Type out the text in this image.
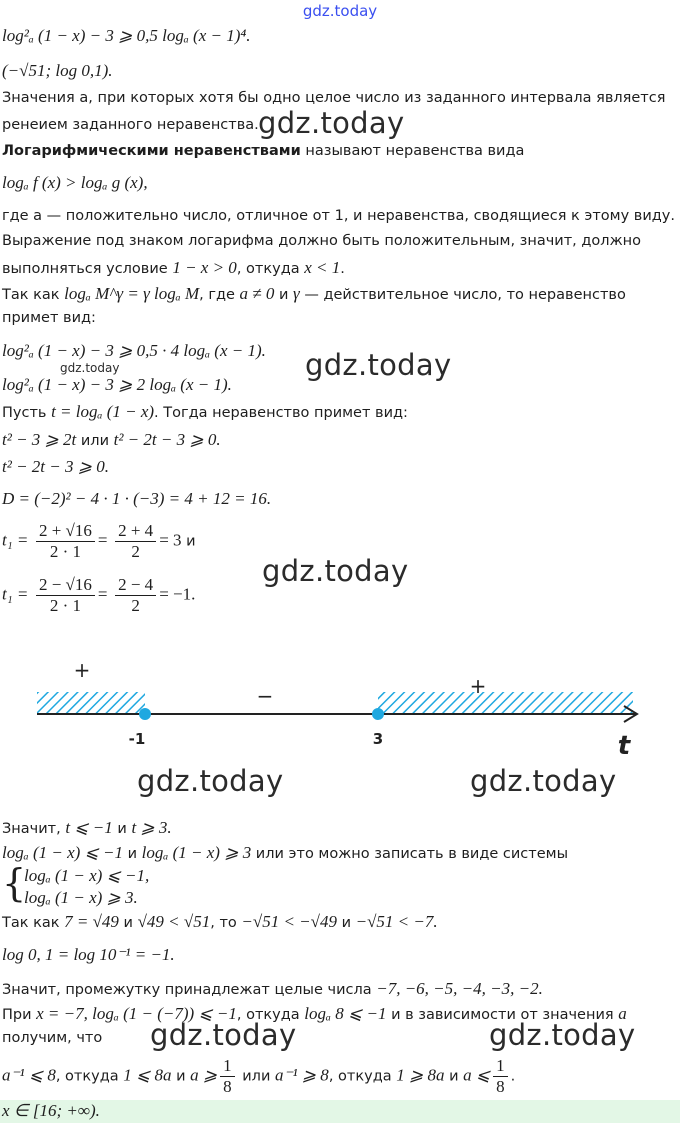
gdz.today
log²ₐ (1 − x) − 3 ⩾ 0,5 logₐ (x − 1)⁴.
(−√51; log 0,1).
Значения a, при которых хотя бы одно целое число из заданного интервала является
ренеием заданного неравенства. gdz.today
Логарифмическими неравенствами называют неравенства вида
logₐ f (x) > logₐ g (x),
где a — положительно число, отличное от 1, и неравенства, сводящиеся к этому виду.
Выражение под знаком логарифма должно быть положительным, значит, должно
выполняться условие 1 − x > 0, откуда x < 1.
Так как logₐ M^γ = γ logₐ M, где a ≠ 0 и γ — действительное число, то неравенство
примет вид:
log²ₐ (1 − x) − 3 ⩾ 0,5 · 4 logₐ (x − 1). gdz.today
gdz.today
log²ₐ (1 − x) − 3 ⩾ 2 logₐ (x − 1).
Пусть t = logₐ (1 − x). Тогда неравенство примет вид:
t² − 3 ⩾ 2t или t² − 2t − 3 ⩾ 0.
t² − 2t − 3 ⩾ 0.
D = (−2)² − 4 · 1 · (−3) = 4 + 12 = 16.
$t_1 = \frac{2 + √16}{2 \cdot 1} = \frac{2 + 4}{2} = 3$ и
$t_1 = \frac{2 - √16}{2 \cdot 1} = \frac{2 - 4}{2} = -1$.
gdz.today
+
−	+
-1	3	t
gdz.today	gdz.today
Значит, t ⩽ −1 и t ⩾ 3.
logₐ (1 − x) ⩽ −1 и logₐ (1 − x) ⩾ 3 или это можно записать в виде системы
{
logₐ (1 − x) ⩽ −1,
logₐ (1 − x) ⩾ 3.
Так как 7 = √49 и √49 < √51, то −√51 < −√49 и −√51 < −7.
log 0, 1 = log 10⁻¹ = −1.
Значит, промежутку принадлежат целые числа −7, −6, −5, −4, −3, −2.
При x = −7, logₐ (1 − (−7)) ⩽ −1, откуда logₐ 8 ⩽ −1 и в зависимости от значения a
получим, что gdz.today	gdz.today
a⁻¹ ⩽ 8, откуда 1 ⩽ 8a и a ⩾ $\frac{1}{8}$ или a⁻¹ ⩾ 8, откуда 1 ⩾ 8a и a ⩽ $\frac{1}{8}$ .
x ∈ [16; +∞).
